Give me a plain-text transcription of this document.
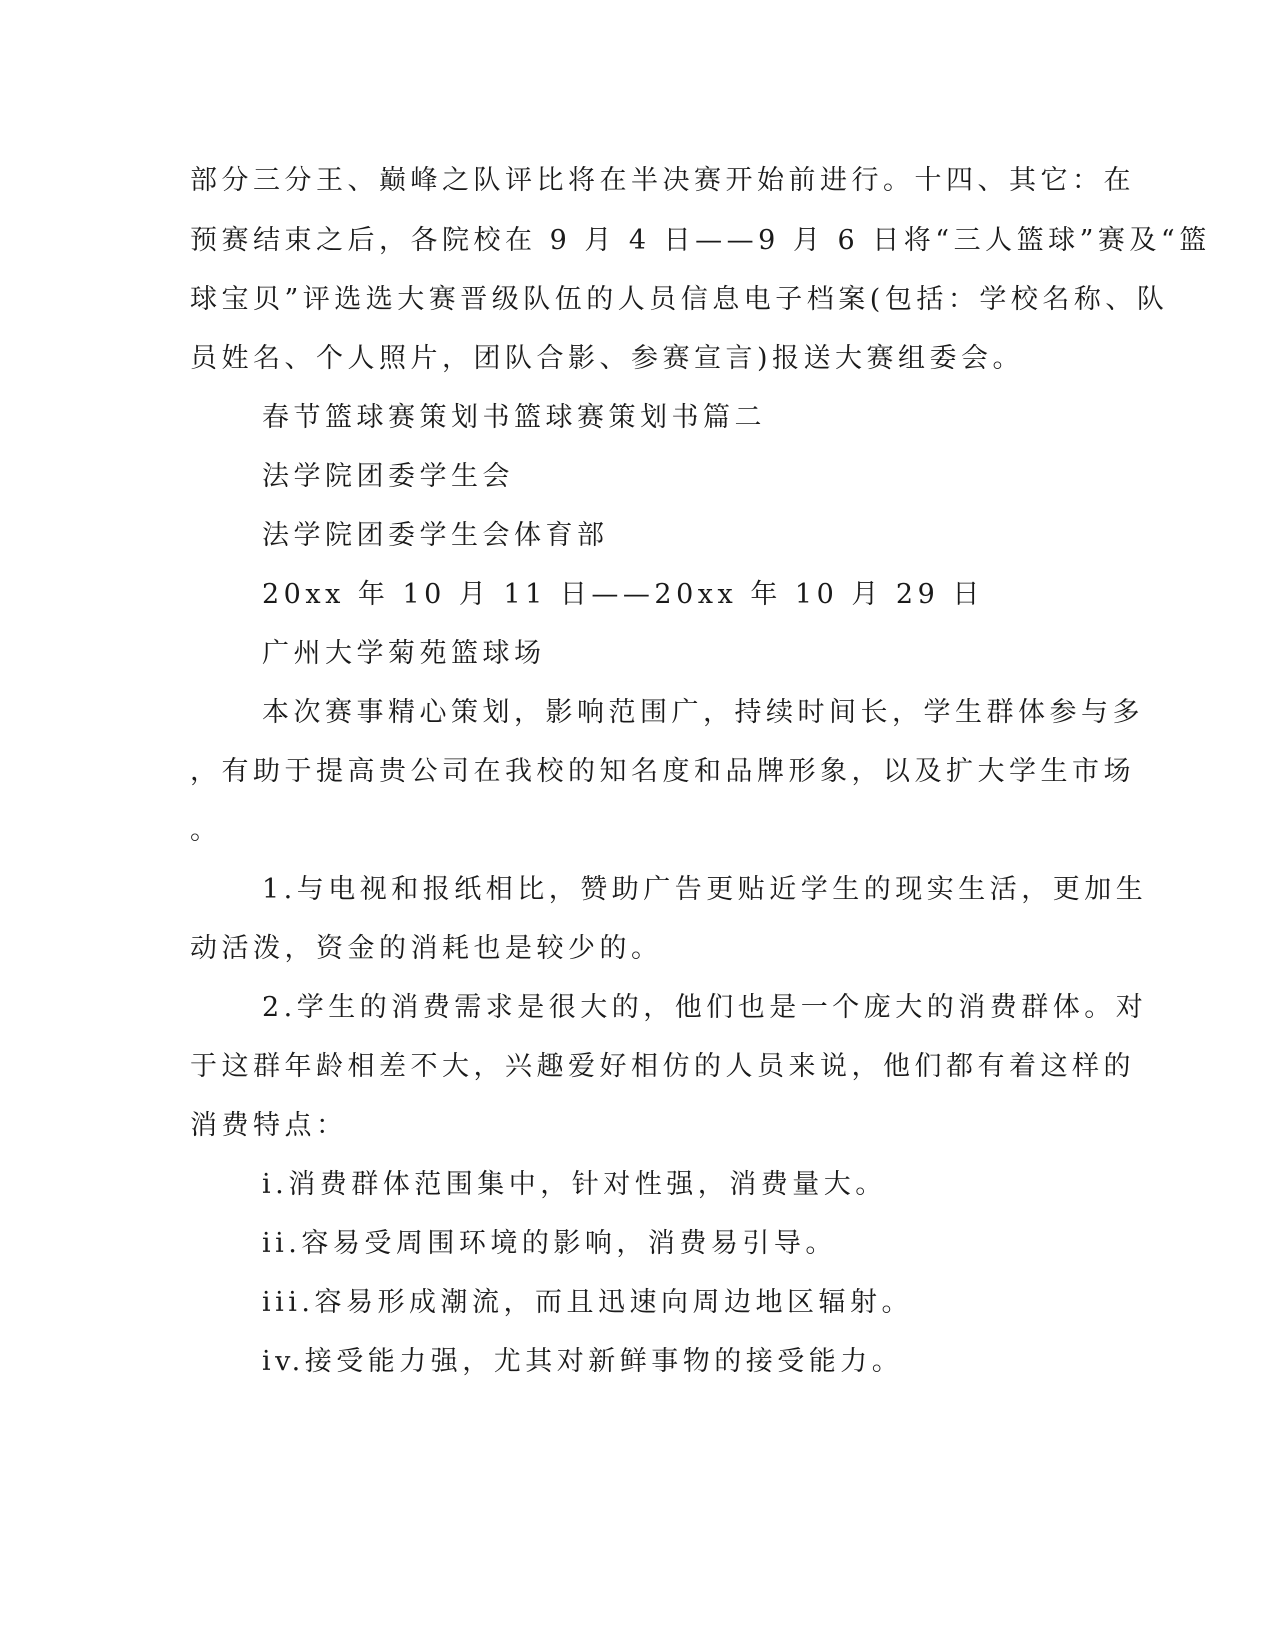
部分三分王、巅峰之队评比将在半决赛开始前进行。十四、其它：在
预赛结束之后，各院校在 9 月 4 日——9 月 6 日将“三人篮球”赛及“篮
球宝贝”评选选大赛晋级队伍的人员信息电子档案(包括：学校名称、队
员姓名、个人照片，团队合影、参赛宣言)报送大赛组委会。
春节篮球赛策划书篮球赛策划书篇二
法学院团委学生会
法学院团委学生会体育部
20xx 年 10 月 11 日——20xx 年 10 月 29 日
广州大学菊苑篮球场
本次赛事精心策划，影响范围广，持续时间长，学生群体参与多
，有助于提高贵公司在我校的知名度和品牌形象，以及扩大学生市场
。
1.与电视和报纸相比，赞助广告更贴近学生的现实生活，更加生
动活泼，资金的消耗也是较少的。
2.学生的消费需求是很大的，他们也是一个庞大的消费群体。对
于这群年龄相差不大，兴趣爱好相仿的人员来说，他们都有着这样的
消费特点：
i.消费群体范围集中，针对性强，消费量大。
ii.容易受周围环境的影响，消费易引导。
iii.容易形成潮流，而且迅速向周边地区辐射。
iv.接受能力强，尤其对新鲜事物的接受能力。
